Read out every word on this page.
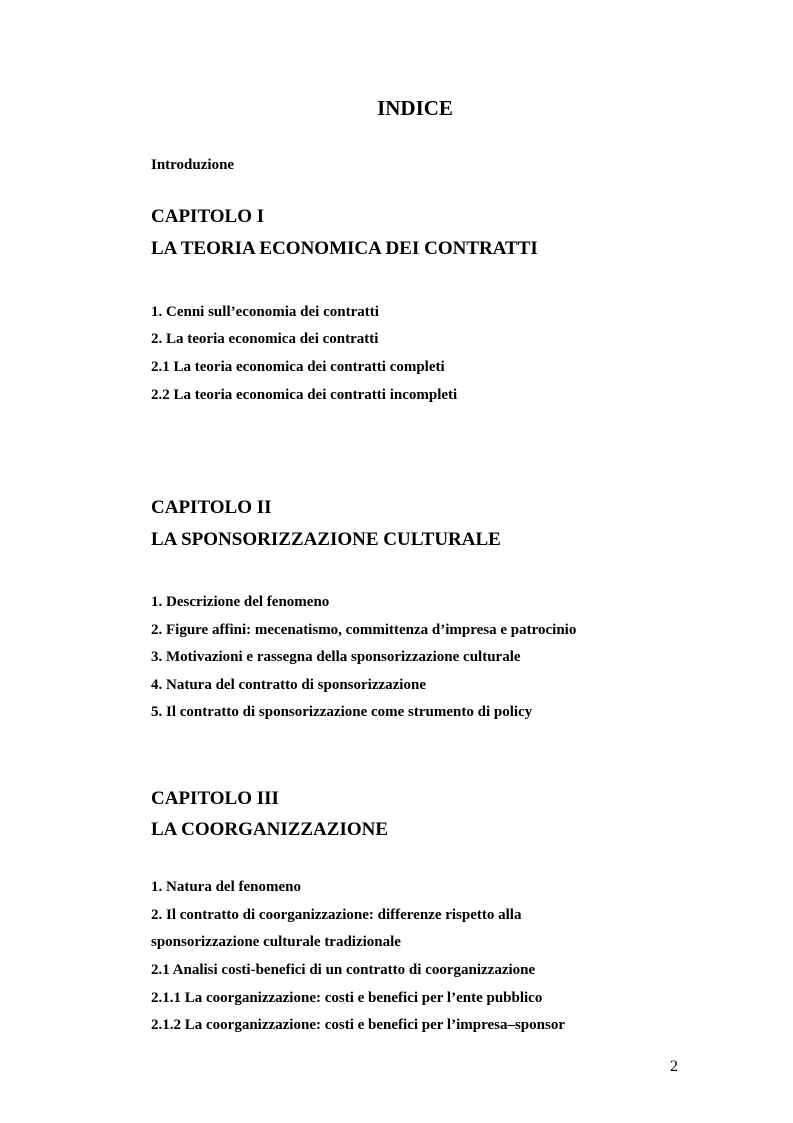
INDICE
Introduzione
CAPITOLO I
LA TEORIA ECONOMICA DEI CONTRATTI
1. Cenni sull’economia dei contratti
2. La teoria economica dei contratti
2.1 La teoria economica dei contratti completi
2.2 La teoria economica dei contratti incompleti
CAPITOLO II
LA SPONSORIZZAZIONE CULTURALE
1. Descrizione del fenomeno
2. Figure affini: mecenatismo, committenza d’impresa e patrocinio
3. Motivazioni e rassegna della sponsorizzazione culturale
4. Natura del contratto di sponsorizzazione
5. Il contratto di sponsorizzazione come strumento di policy
CAPITOLO III
LA COORGANIZZAZIONE
1. Natura del fenomeno
2. Il contratto di coorganizzazione: differenze rispetto alla
sponsorizzazione culturale tradizionale
2.1 Analisi costi-benefici di un contratto di coorganizzazione
2.1.1 La coorganizzazione: costi e benefici per l’ente pubblico
2.1.2 La coorganizzazione: costi e benefici per l’impresa–sponsor
2
